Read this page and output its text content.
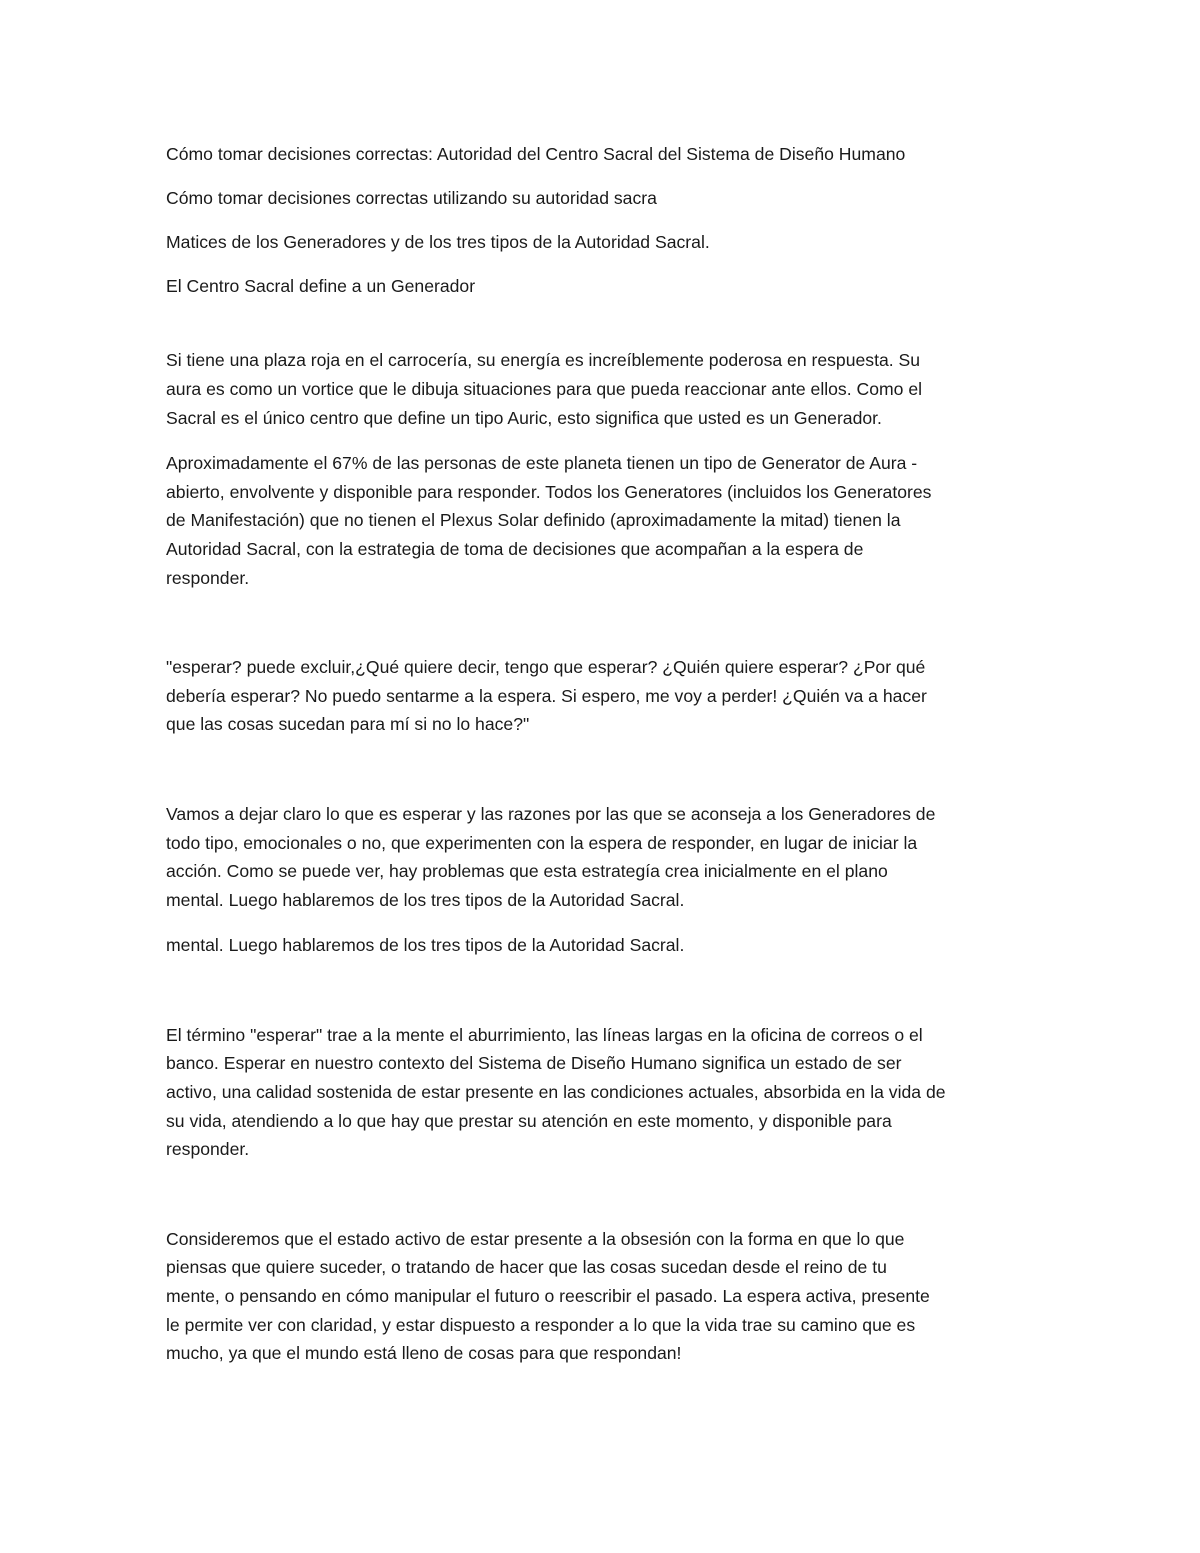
Cómo tomar decisiones correctas: Autoridad del Centro Sacral del Sistema de Diseño Humano

Cómo tomar decisiones correctas utilizando su autoridad sacra

Matices de los Generadores y de los tres tipos de la Autoridad Sacral.

El Centro Sacral define a un Generador

Si tiene una plaza roja en el carrocería, su energía es increíblemente poderosa en respuesta. Su

aura es como un vortice que le dibuja situaciones para que pueda reaccionar ante ellos. Como el

Sacral es el único centro que define un tipo Auric, esto significa que usted es un Generador.

Aproximadamente el 67% de las personas de este planeta tienen un tipo de Generator de Aura -

abierto, envolvente y disponible para responder. Todos los Generatores (incluidos los Generatores

de Manifestación) que no tienen el Plexus Solar definido (aproximadamente la mitad) tienen la

Autoridad Sacral, con la estrategia de toma de decisiones que acompañan a la espera de

responder.

"esperar? puede excluir,¿Qué quiere decir, tengo que esperar? ¿Quién quiere esperar? ¿Por qué

debería esperar? No puedo sentarme a la espera. Si espero, me voy a perder! ¿Quién va a hacer

que las cosas sucedan para mí si no lo hace?"

Vamos a dejar claro lo que es esperar y las razones por las que se aconseja a los Generadores de

todo tipo, emocionales o no, que experimenten con la espera de responder, en lugar de iniciar la

acción. Como se puede ver, hay problemas que esta estrategía crea inicialmente en el plano

mental. Luego hablaremos de los tres tipos de la Autoridad Sacral.

mental. Luego hablaremos de los tres tipos de la Autoridad Sacral.

El término "esperar" trae a la mente el aburrimiento, las líneas largas en la oficina de correos o el

banco. Esperar en nuestro contexto del Sistema de Diseño Humano significa un estado de ser

activo, una calidad sostenida de estar presente en las condiciones actuales, absorbida en la vida de

su vida, atendiendo a lo que hay que prestar su atención en este momento, y disponible para

responder.

Consideremos que el estado activo de estar presente a la obsesión con la forma en que lo que

piensas que quiere suceder, o tratando de hacer que las cosas sucedan desde el reino de tu

mente, o pensando en cómo manipular el futuro o reescribir el pasado. La espera activa, presente

le permite ver con claridad, y estar dispuesto a responder a lo que la vida trae su camino que es

mucho, ya que el mundo está lleno de cosas para que respondan!
